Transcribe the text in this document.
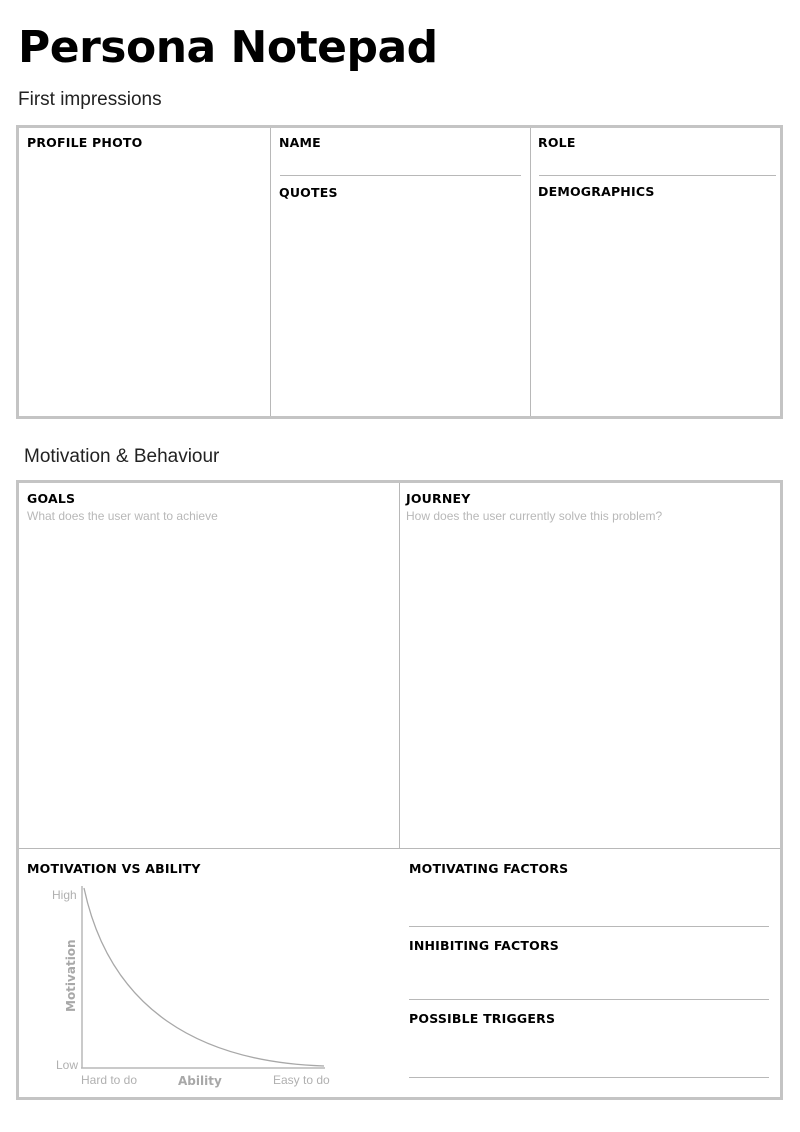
Persona Notepad
First impressions
PROFILE PHOTO	NAME	ROLE
QUOTES	DEMOGRAPHICS
Motivation & Behaviour
GOALS
What does the user want to achieve
JOURNEY
How does the user currently solve this problem?
MOTIVATION VS ABILITY	MOTIVATING FACTORS
INHIBITING FACTORS
POSSIBLE TRIGGERS
High
Low
Motivation
Hard to do	Ability	Easy to do
